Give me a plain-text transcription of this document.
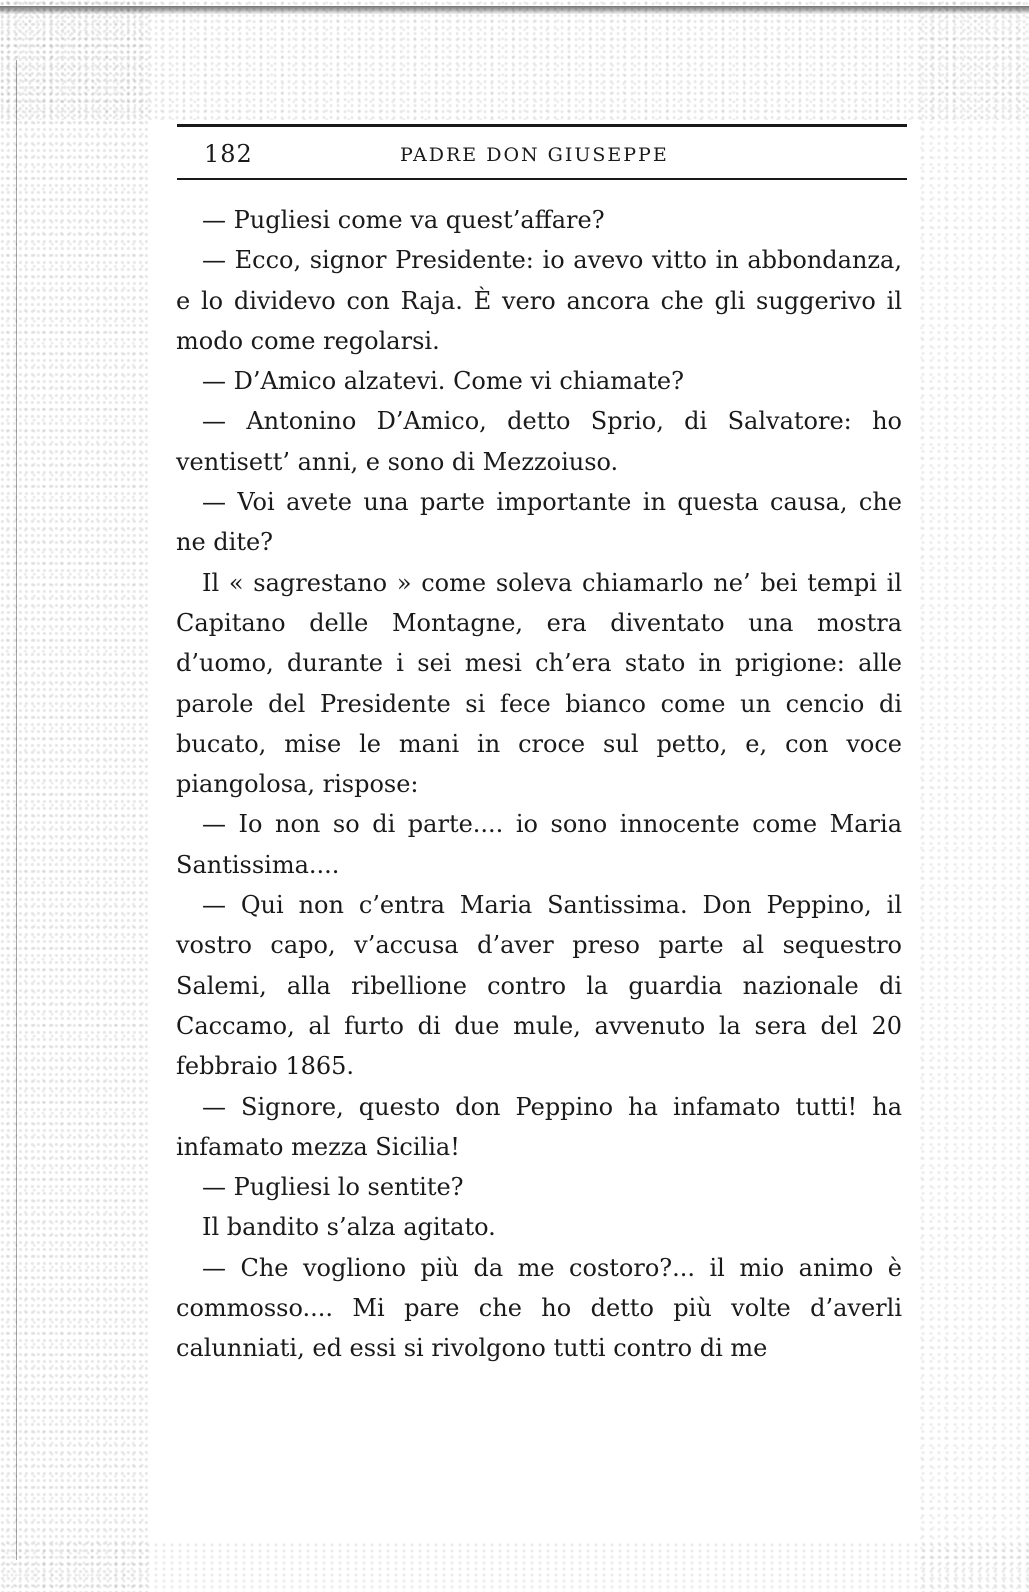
182	PADRE DON GIUSEPPE

— Pugliesi come va quest’affare?

— Ecco, signor Presidente: io avevo vitto in abbondanza, e lo dividevo con Raja. È vero ancora che gli suggerivo il modo come regolarsi.

— D’Amico alzatevi. Come vi chiamate?

— Antonino D’Amico, detto Sprio, di Salvatore: ho ventisett’ anni, e sono di Mezzoiuso.

— Voi avete una parte importante in questa causa, che ne dite?

Il « sagrestano » come soleva chiamarlo ne’ bei tempi il Capitano delle Montagne, era diventato una mostra d’uomo, durante i sei mesi ch’era stato in prigione: alle parole del Presidente si fece bianco come un cencio di bucato, mise le mani in croce sul petto, e, con voce piangolosa, rispose:

— Io non so di parte.... io sono innocente come Maria Santissima....

— Qui non c’entra Maria Santissima. Don Peppino, il vostro capo, v’accusa d’aver preso parte al sequestro Salemi, alla ribellione contro la guardia nazionale di Caccamo, al furto di due mule, avvenuto la sera del 20 febbraio 1865.

— Signore, questo don Peppino ha infamato tutti! ha infamato mezza Sicilia!

— Pugliesi lo sentite?

Il bandito s’alza agitato.

— Che vogliono più da me costoro?... il mio animo è commosso.... Mi pare che ho detto più volte d’averli calunniati, ed essi si rivolgono tutti contro di me
